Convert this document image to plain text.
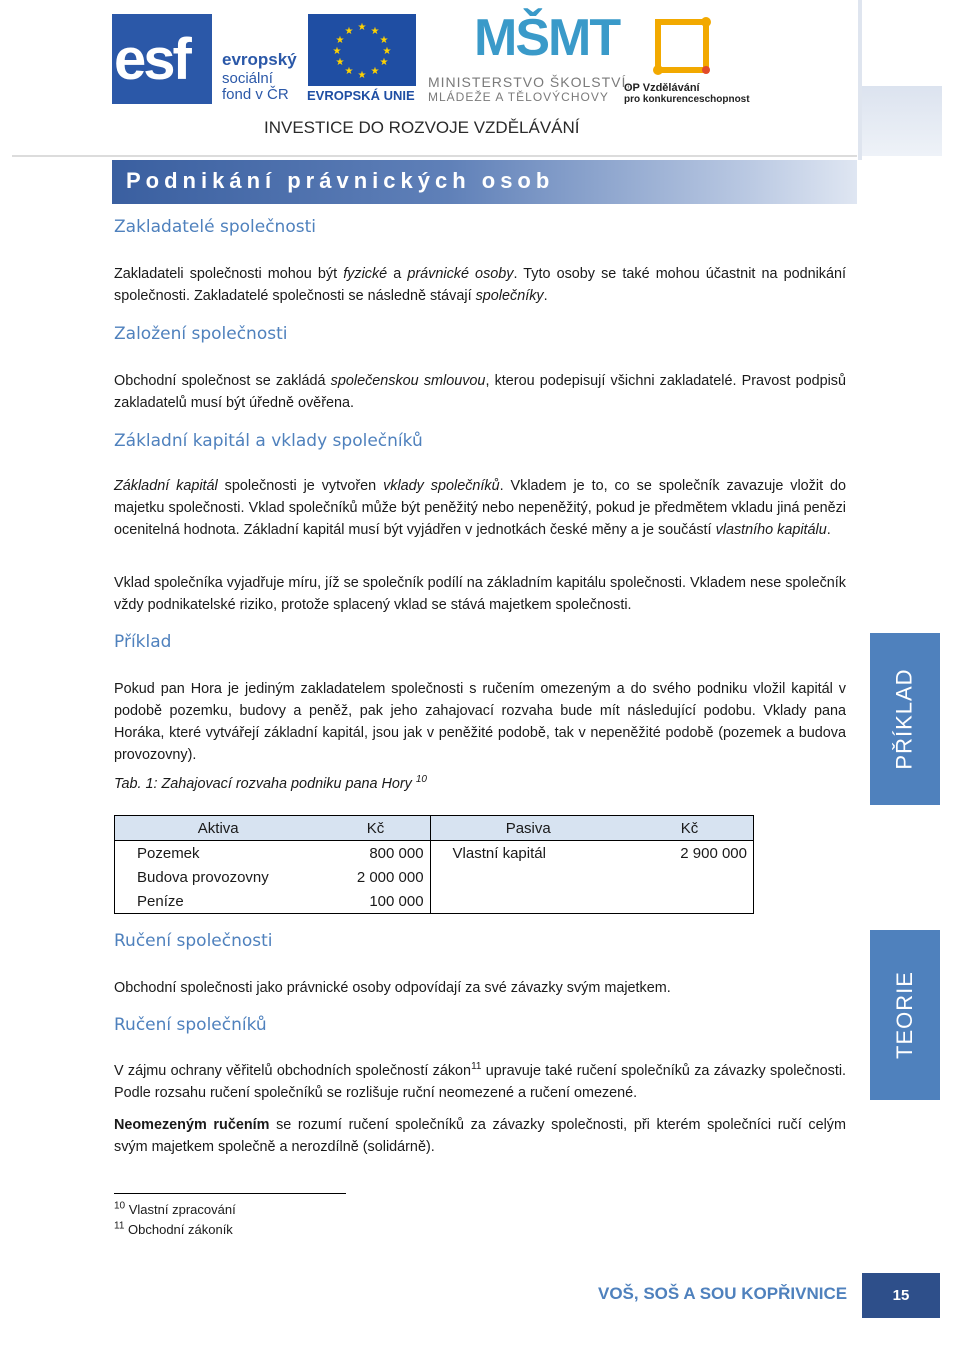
esf evropský
sociální
fond v ČR
★ ★
★
★
★
★
★
★
★
★
★
★
EVROPSKÁ UNIE
MŠMT
MINISTERSTVO ŠKOLSTVÍ,
MLÁDEŽE A TĚLOVÝCHOVY
OP Vzdělávání
pro konkurenceschopnost
INVESTICE DO ROZVOJE VZDĚLÁVÁNÍ
Podnikání právnických osob
Zakladatelé společnosti
Zakladateli společnosti mohou být fyzické a právnické osoby. Tyto osoby se také mohou účastnit na podnikání společnosti. Zakladatelé společnosti se následně stávají společníky.
Založení společnosti
Obchodní společnost se zakládá společenskou smlouvou, kterou podepisují všichni zakladatelé. Pravost podpisů zakladatelů musí být úředně ověřena.
Základní kapitál a vklady společníků
Základní kapitál společnosti je vytvořen vklady společníků. Vkladem je to, co se společník zavazuje vložit do majetku společnosti. Vklad společníků může být peněžitý nebo nepeněžitý, pokud je předmětem vkladu jiná penězi ocenitelná hodnota. Základní kapitál musí být vyjádřen v jednotkách české měny a je součástí vlastního kapitálu.
Vklad společníka vyjadřuje míru, jíž se společník podílí na základním kapitálu společnosti. Vkladem nese společník vždy podnikatelské riziko, protože splacený vklad se stává majetkem společnosti.
Příklad
Pokud pan Hora je jediným zakladatelem společnosti s ručením omezeným a do svého podniku vložil kapitál v podobě pozemku, budovy a peněž, pak jeho zahajovací rozvaha bude mít následující podobu. Vklady pana Horáka, které vytvářejí základní kapitál, jsou jak v peněžité podobě, tak v nepeněžité podobě (pozemek a budova provozovny).
Tab. 1: Zahajovací rozvaha podniku pana Hory $^{10}$
Aktiva	Kč	Pasiva	Kč
Pozemek	800 000	Vlastní kapitál	2 900 000
Budova provozovny	2 000 000		
Peníze	100 000		
Ručení společnosti
Obchodní společnosti jako právnické osoby odpovídají za své závazky svým majetkem.
Ručení společníků
V zájmu ochrany věřitelů obchodních společností zákon$^{11}$ upravuje také ručení společníků za závazky společnosti. Podle rozsahu ručení společníků se rozlišuje ruční neomezené a ručení omezené.
Neomezeným ručením se rozumí ručení společníků za závazky společnosti, při kterém společníci ručí celým svým majetkem společně a nerozdílně (solidárně).
PŘÍKLAD
TEORIE
$^{10}$ Vlastní zpracování
$^{11}$ Obchodní zákoník
VOŠ, SOŠ A SOU KOPŘIVNICE	15
